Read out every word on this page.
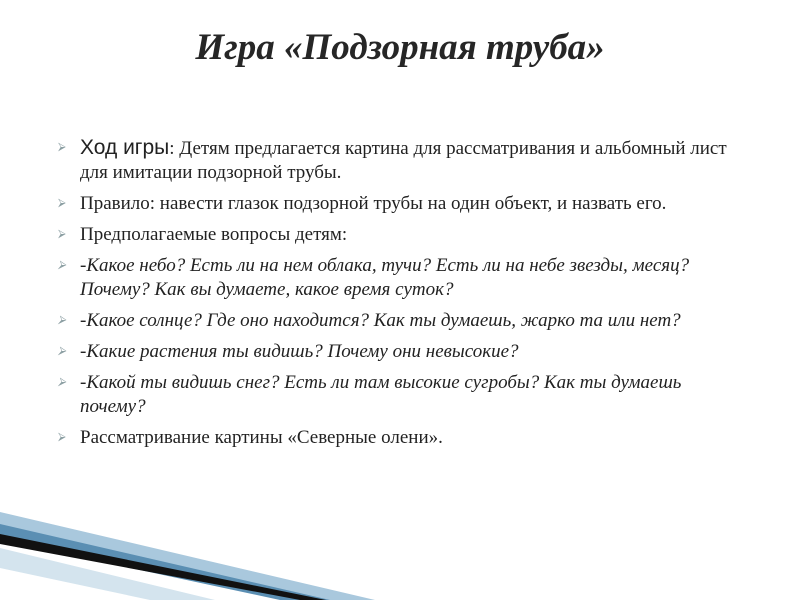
Игра «Подзорная труба»
⮚ Ход игры: Детям предлагается картина для рассматривания и альбомный лист для имитации подзорной трубы.
⮚ Правило: навести глазок подзорной трубы на один объект, и назвать его.
⮚ Предполагаемые вопросы детям:
⮚ -Какое небо? Есть ли на нем облака, тучи? Есть ли на небе звезды, месяц? Почему? Как вы думаете, какое время суток?
⮚ -Какое солнце? Где оно находится? Как ты думаешь, жарко та или нет?
⮚ -Какие растения ты видишь? Почему они невысокие?
⮚ -Какой ты видишь снег? Есть ли там высокие сугробы? Как ты думаешь почему?
⮚ Рассматривание картины «Северные олени».
